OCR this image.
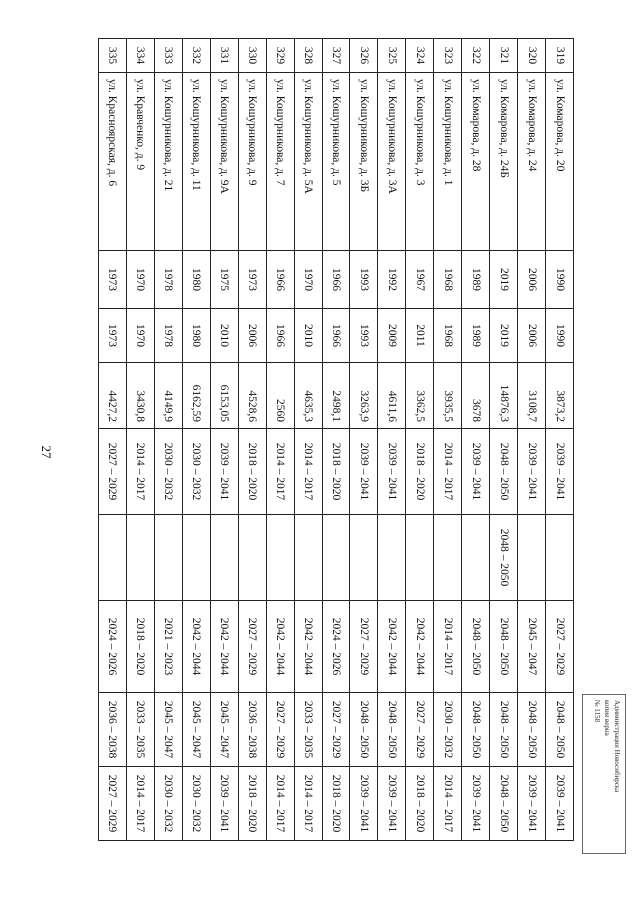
27
319	ул. Комарова, д. 20	1990	1990	3873,2	2039 – 2041		2027 – 2029	2048 – 2050	2039 – 2041
320	ул. Комарова, д. 24	2006	2006	3108,7	2039 – 2041		2045 – 2047	2048 – 2050	2039 – 2041
321	ул. Комарова, д. 24Б	2019	2019	14876,3	2048 – 2050	2048 – 2050	2048 – 2050	2048 – 2050	2048 – 2050
322	ул. Комарова, д. 28	1989	1989	3678	2039 – 2041		2048 – 2050	2048 – 2050	2039 – 2041
323	ул. Кошурникова, д. 1	1968	1968	3935,5	2014 – 2017		2014 – 2017	2030 – 2032	2014 – 2017
324	ул. Кошурникова, д. 3	1967	2011	3362,5	2018 – 2020		2042 – 2044	2027 – 2029	2018 – 2020
325	ул. Кошурникова, д. 3А	1992	2009	4611,6	2039 – 2041		2042 – 2044	2048 – 2050	2039 – 2041
326	ул. Кошурникова, д. 3Б	1993	1993	3263,9	2039 – 2041		2027 – 2029	2048 – 2050	2039 – 2041
327	ул. Кошурникова, д. 5	1966	1966	2498,1	2018 – 2020		2024 – 2026	2027 – 2029	2018 – 2020
328	ул. Кошурникова, д. 5А	1970	2010	4635,3	2014 – 2017		2042 – 2044	2033 – 2035	2014 – 2017
329	ул. Кошурникова, д. 7	1966	1966	2560	2014 – 2017		2042 – 2044	2027 – 2029	2014 – 2017
330	ул. Кошурникова, д. 9	1973	2006	4528,6	2018 – 2020		2027 – 2029	2036 – 2038	2018 – 2020
331	ул. Кошурникова, д. 9А	1975	2010	6153,05	2039 – 2041		2042 – 2044	2045 – 2047	2039 – 2041
332	ул. Кошурникова, д. 11	1980	1980	6162,59	2030 – 2032		2042 – 2044	2045 – 2047	2030 – 2032
333	ул. Кошурникова, д. 21	1978	1978	4149,9	2030 – 2032		2021 – 2023	2045 – 2047	2030 – 2032
334	ул. Кравченко, д. 9	1970	1970	3430,8	2014 – 2017		2018 – 2020	2033 – 2035	2014 – 2017
335	ул. Красноярская, д. 6	1973	1973	4427,2	2027 – 2029		2024 – 2026	2036 – 2038	2027 – 2029
Администрация Новосибирска
копия верна
№ 1158
